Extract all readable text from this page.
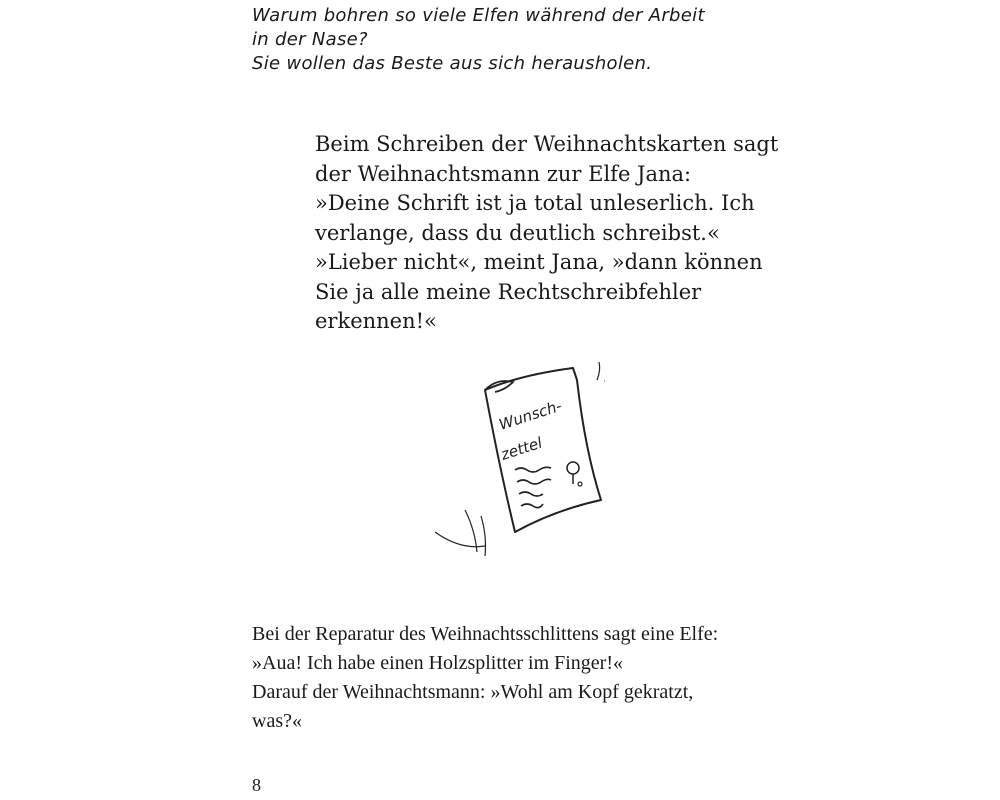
Warum bohren so viele Elfen während der Arbeit
in der Nase?
Sie wollen das Beste aus sich herausholen.
Beim Schreiben der Weihnachtskarten sagt
der Weihnachtsmann zur Elfe Jana:
»Deine Schrift ist ja total unleserlich. Ich
verlange, dass du deutlich schreibst.«
»Lieber nicht«, meint Jana, »dann können
Sie ja alle meine Rechtschreibfehler
erkennen!«
Wunsch-
zettel
Bei der Reparatur des Weihnachtsschlittens sagt eine Elfe:
»Aua! Ich habe einen Holzsplitter im Finger!«
Darauf der Weihnachtsmann: »Wohl am Kopf gekratzt,
was?«
8
